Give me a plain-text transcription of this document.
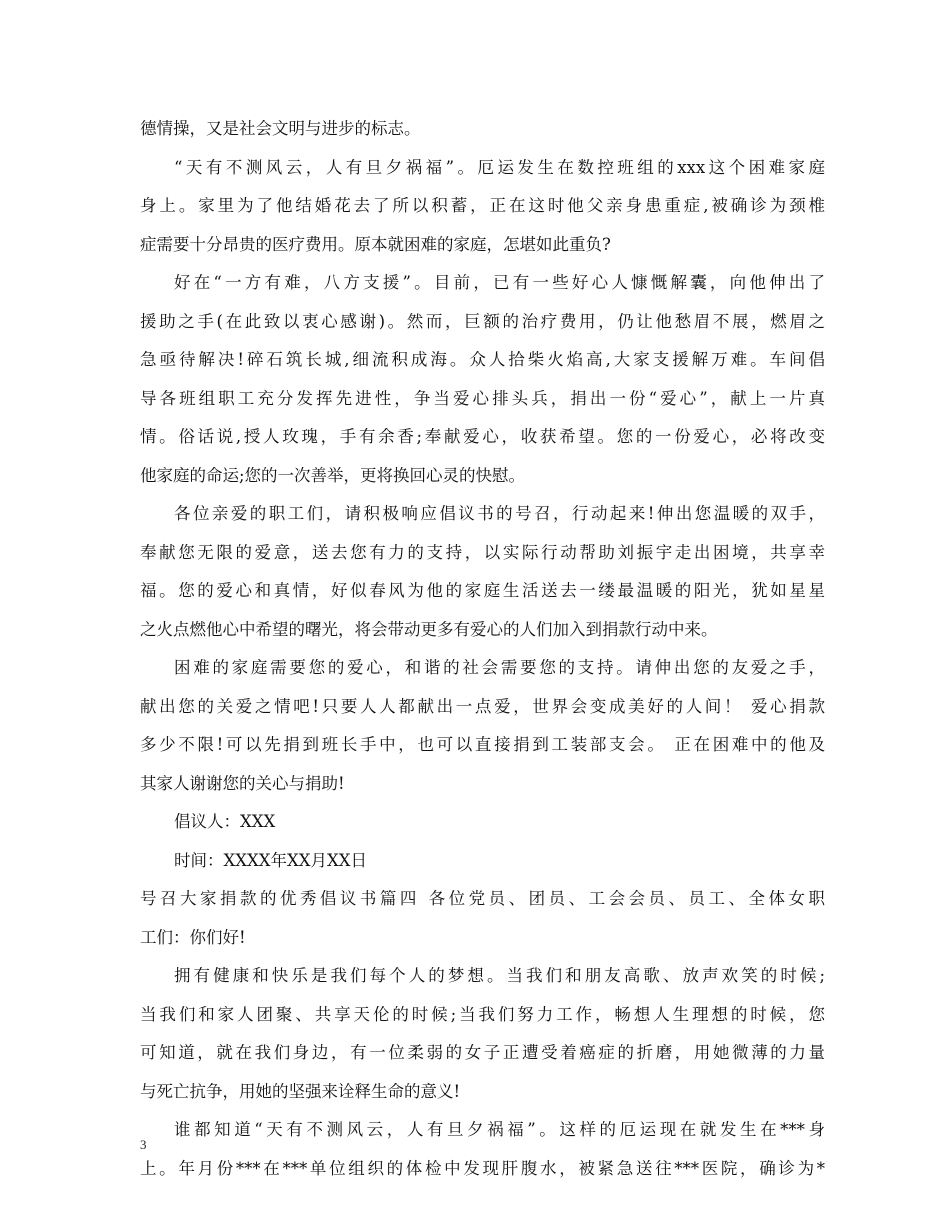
德情操，又是社会文明与进步的标志。
“天有不测风云，人有旦夕祸福”。厄运发生在数控班组的xxx这个困难家庭
身上。家里为了他结婚花去了所以积蓄，正在这时他父亲身患重症,被确诊为颈椎
症需要十分昂贵的医疗费用。原本就困难的家庭，怎堪如此重负?
好在“一方有难，八方支援”。目前，已有一些好心人慷慨解囊，向他伸出了
援助之手(在此致以衷心感谢)。然而，巨额的治疗费用，仍让他愁眉不展，燃眉之
急亟待解决!碎石筑长城,细流积成海。众人拾柴火焰高,大家支援解万难。车间倡
导各班组职工充分发挥先进性，争当爱心排头兵，捐出一份“爱心”，献上一片真
情。俗话说,授人玫瑰，手有余香;奉献爱心，收获希望。您的一份爱心，必将改变
他家庭的命运;您的一次善举，更将换回心灵的快慰。
各位亲爱的职工们，请积极响应倡议书的号召，行动起来!伸出您温暖的双手，
奉献您无限的爱意，送去您有力的支持，以实际行动帮助刘振宇走出困境，共享幸
福。您的爱心和真情，好似春风为他的家庭生活送去一缕最温暖的阳光，犹如星星
之火点燃他心中希望的曙光，将会带动更多有爱心的人们加入到捐款行动中来。
困难的家庭需要您的爱心，和谐的社会需要您的支持。请伸出您的友爱之手，
献出您的关爱之情吧!只要人人都献出一点爱，世界会变成美好的人间！ 爱心捐款
多少不限!可以先捐到班长手中，也可以直接捐到工装部支会。 正在困难中的他及
其家人谢谢您的关心与捐助!
倡议人：XXX
时间：XXXX年XX月XX日
号召大家捐款的优秀倡议书篇四 各位党员、团员、工会会员、员工、全体女职
工们：你们好!
拥有健康和快乐是我们每个人的梦想。当我们和朋友高歌、放声欢笑的时候;
当我们和家人团聚、共享天伦的时候;当我们努力工作，畅想人生理想的时候，您
可知道，就在我们身边，有一位柔弱的女子正遭受着癌症的折磨，用她微薄的力量
与死亡抗争，用她的坚强来诠释生命的意义!
谁都知道“天有不测风云，人有旦夕祸福”。这样的厄运现在就发生在***身
上。年月份***在***单位组织的体检中发现肝腹水，被紧急送往***医院，确诊为*
3
